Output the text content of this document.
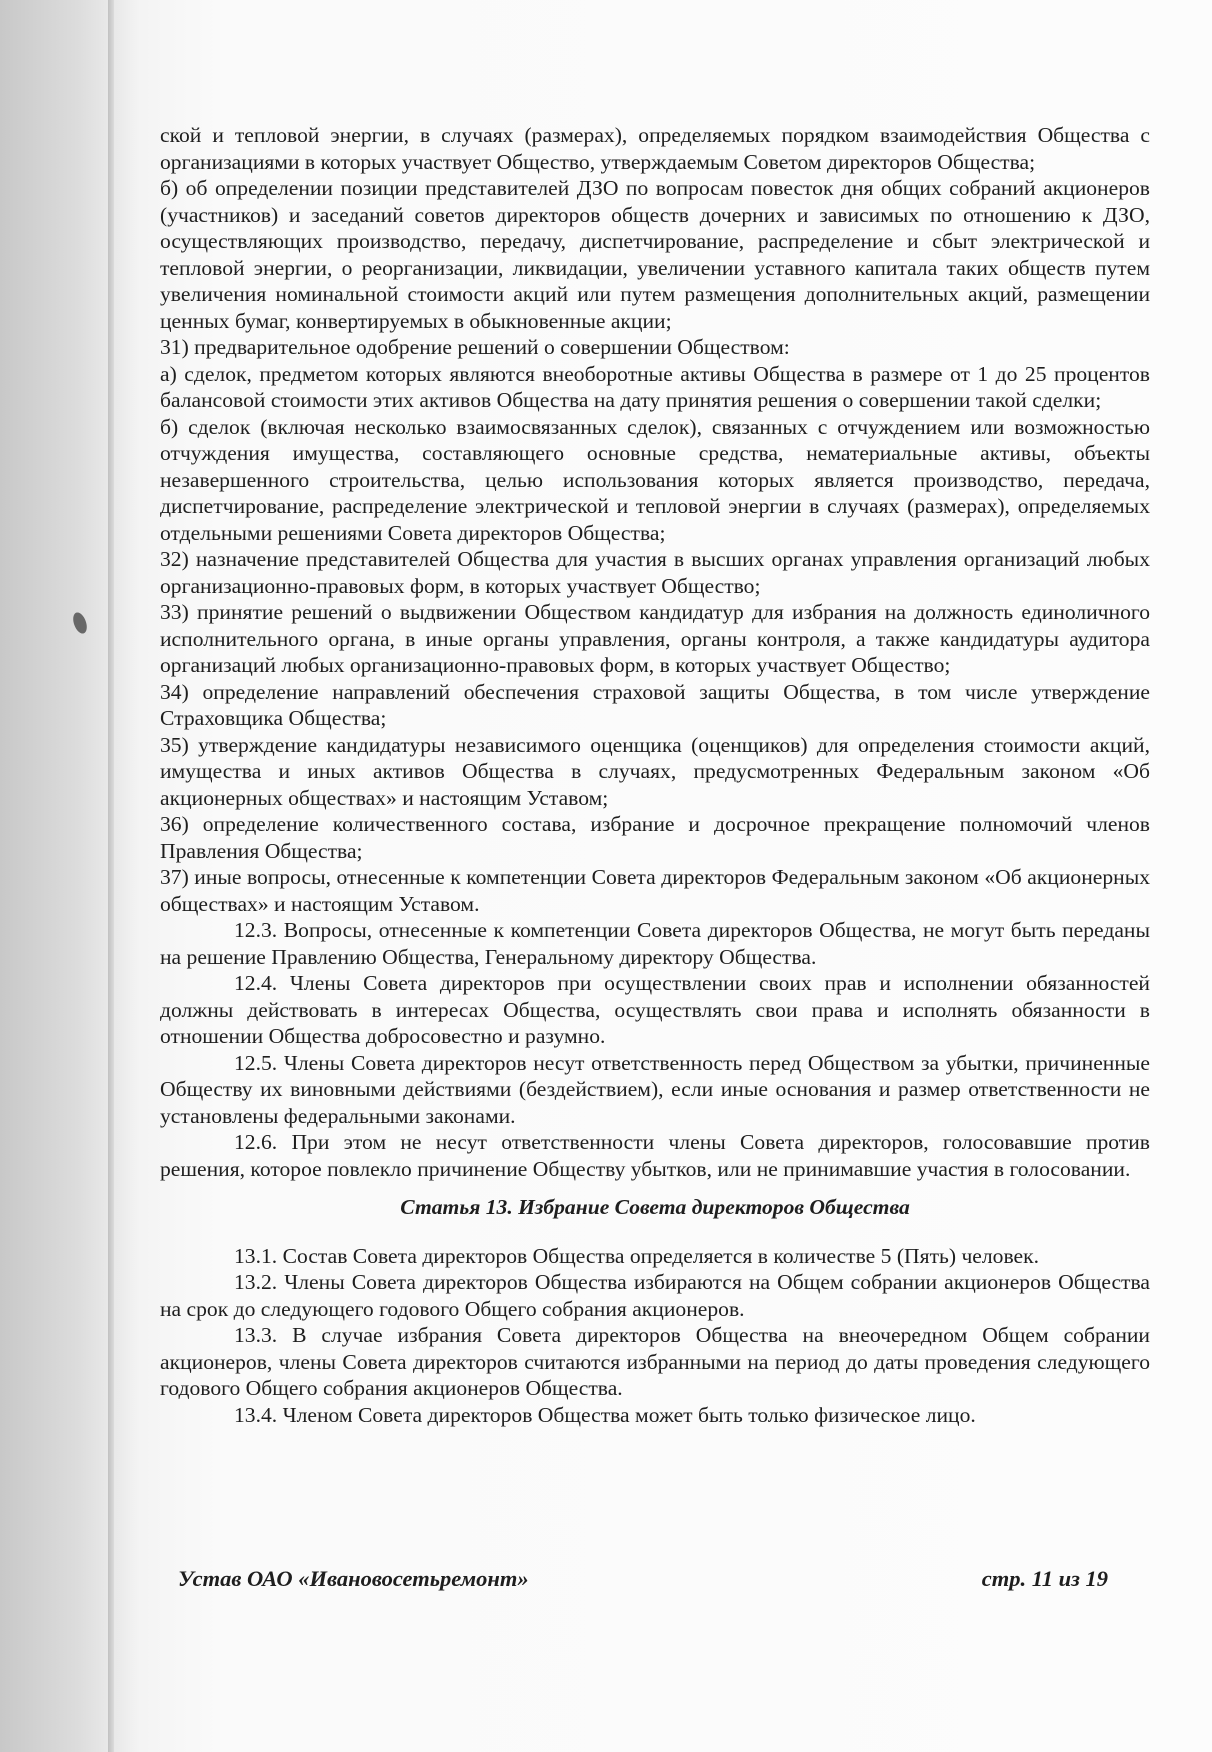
ской и тепловой энергии, в случаях (размерах), определяемых порядком взаимодействия Общества с организациями в которых участвует Общество, утверждаемым Советом директоров Общества;

б) об определении позиции представителей ДЗО по вопросам повесток дня общих собраний акционеров (участников) и заседаний советов директоров обществ дочерних и зависимых по отношению к ДЗО, осуществляющих производство, передачу, диспетчирование, распределение и сбыт электрической и тепловой энергии, о реорганизации, ликвидации, увеличении уставного капитала таких обществ путем увеличения номинальной стоимости акций или путем размещения дополнительных акций, размещении ценных бумаг, конвертируемых в обыкновенные акции;

31) предварительное одобрение решений о совершении Обществом:

а) сделок, предметом которых являются внеоборотные активы Общества в размере от 1 до 25 процентов балансовой стоимости этих активов Общества на дату принятия решения о совершении такой сделки;

б) сделок (включая несколько взаимосвязанных сделок), связанных с отчуждением или возможностью отчуждения имущества, составляющего основные средства, нематериальные активы, объекты незавершенного строительства, целью использования которых является производство, передача, диспетчирование, распределение электрической и тепловой энергии в случаях (размерах), определяемых отдельными решениями Совета директоров Общества;

32) назначение представителей Общества для участия в высших органах управления организаций любых организационно-правовых форм, в которых участвует Общество;

33) принятие решений о выдвижении Обществом кандидатур для избрания на должность единоличного исполнительного органа, в иные органы управления, органы контроля, а также кандидатуры аудитора организаций любых организационно-правовых форм, в которых участвует Общество;

34) определение направлений обеспечения страховой защиты Общества, в том числе утверждение Страховщика Общества;

35) утверждение кандидатуры независимого оценщика (оценщиков) для определения стоимости акций, имущества и иных активов Общества в случаях, предусмотренных Федеральным законом «Об акционерных обществах» и настоящим Уставом;

36) определение количественного состава, избрание и досрочное прекращение полномочий членов Правления Общества;

37) иные вопросы, отнесенные к компетенции Совета директоров Федеральным законом «Об акционерных обществах» и настоящим Уставом.

12.3. Вопросы, отнесенные к компетенции Совета директоров Общества, не могут быть переданы на решение Правлению Общества, Генеральному директору Общества.

12.4. Члены Совета директоров при осуществлении своих прав и исполнении обязанностей должны действовать в интересах Общества, осуществлять свои права и исполнять обязанности в отношении Общества добросовестно и разумно.

12.5. Члены Совета директоров несут ответственность перед Обществом за убытки, причиненные Обществу их виновными действиями (бездействием), если иные основания и размер ответственности не установлены федеральными законами.

12.6. При этом не несут ответственности члены Совета директоров, голосовавшие против решения, которое повлекло причинение Обществу убытков, или не принимавшие участия в голосовании.

Статья 13. Избрание Совета директоров Общества

13.1. Состав Совета директоров Общества определяется в количестве 5 (Пять) человек.

13.2. Члены Совета директоров Общества избираются на Общем собрании акционеров Общества на срок до следующего годового Общего собрания акционеров.

13.3. В случае избрания Совета директоров Общества на внеочередном Общем собрании акционеров, члены Совета директоров считаются избранными на период до даты проведения следующего годового Общего собрания акционеров Общества.

13.4. Членом Совета директоров Общества может быть только физическое лицо.

Устав ОАО «Ивановосетьремонт»	стр. 11 из 19
